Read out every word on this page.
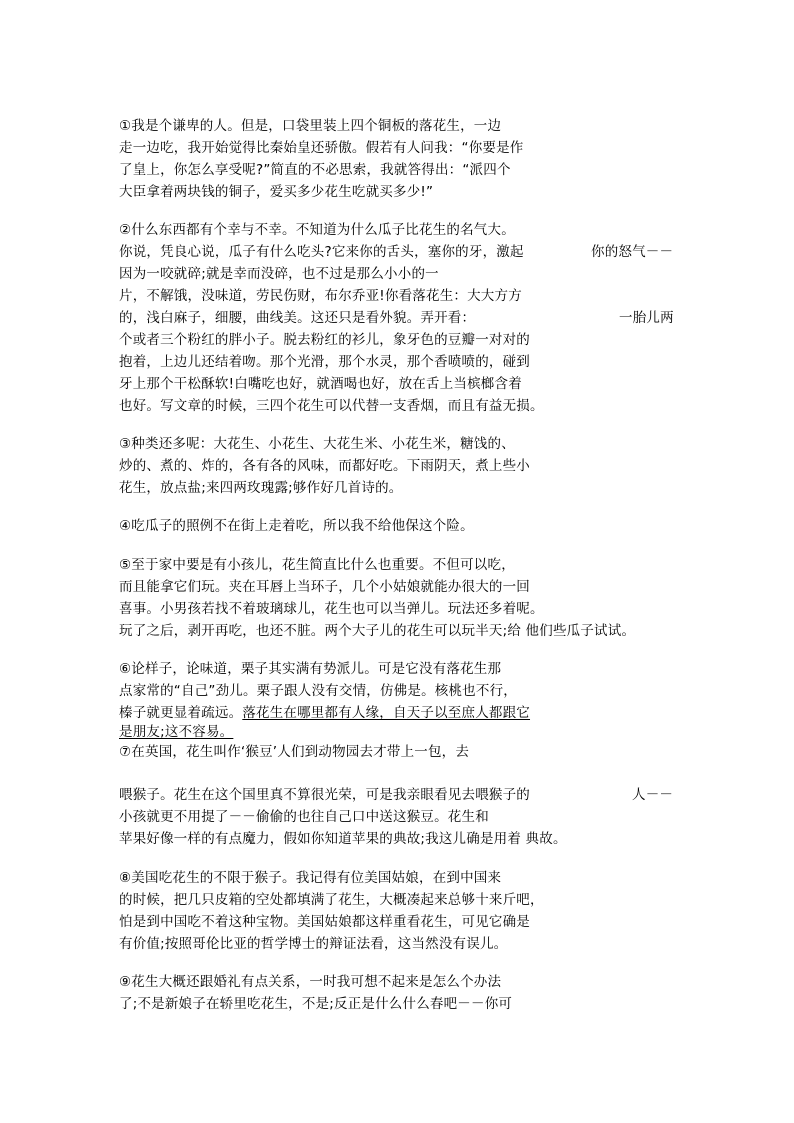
①我是个谦卑的人。但是，口袋里装上四个铜板的落花生，一边
走一边吃，我开始觉得比秦始皇还骄傲。假若有人问我：“你要是作
了皇上，你怎么享受呢?”简直的不必思索，我就答得出：“派四个
大臣拿着两块钱的铜子，爱买多少花生吃就买多少!”
②什么东西都有个幸与不幸。不知道为什么瓜子比花生的名气大。
你说，凭良心说，瓜子有什么吃头?它来你的舌头，塞你的牙，激起	你的怒气－－
因为一咬就碎;就是幸而没碎，也不过是那么小小的一
片，不解饿，没味道，劳民伤财，布尔乔亚!你看落花生：大大方方
的，浅白麻子，细腰，曲线美。这还只是看外貌。弄开看：	一胎儿两
个或者三个粉红的胖小子。脱去粉红的衫儿，象牙色的豆瓣一对对的
抱着，上边儿还结着吻。那个光滑，那个水灵，那个香喷喷的，碰到
牙上那个干松酥软!白嘴吃也好，就酒喝也好，放在舌上当槟榔含着
也好。写文章的时候，三四个花生可以代替一支香烟，而且有益无损。
③种类还多呢：大花生、小花生、大花生米、小花生米，糖饯的、
炒的、煮的、炸的，各有各的风味，而都好吃。下雨阴天，煮上些小
花生，放点盐;来四两玫瑰露;够作好几首诗的。
④吃瓜子的照例不在街上走着吃，所以我不给他保这个险。
⑤至于家中要是有小孩儿，花生简直比什么也重要。不但可以吃，
而且能拿它们玩。夹在耳唇上当环子，几个小姑娘就能办很大的一回
喜事。小男孩若找不着玻璃球儿，花生也可以当弹儿。玩法还多着呢。
玩了之后，剥开再吃，也还不脏。两个大子儿的花生可以玩半天;给 他们些瓜子试试。
⑥论样子，论味道，栗子其实满有势派儿。可是它没有落花生那
点家常的“自己”劲儿。栗子跟人没有交情，仿佛是。核桃也不行，
榛子就更显着疏远。落花生在哪里都有人缘，自天子以至庶人都跟它
是朋友;这不容易。
⑦在英国，花生叫作‘猴豆’人们到动物园去才带上一包，去
喂猴子。花生在这个国里真不算很光荣，可是我亲眼看见去喂猴子的	人－－
小孩就更不用提了－－偷偷的也往自己口中送这猴豆。花生和
苹果好像一样的有点魔力，假如你知道苹果的典故;我这儿确是用着 典故。
⑧美国吃花生的不限于猴子。我记得有位美国姑娘，在到中国来
的时候，把几只皮箱的空处都填满了花生，大概凑起来总够十来斤吧，
怕是到中国吃不着这种宝物。美国姑娘都这样重看花生，可见它确是
有价值;按照哥伦比亚的哲学博士的辩证法看，这当然没有误儿。
⑨花生大概还跟婚礼有点关系，一时我可想不起来是怎么个办法
了;不是新娘子在轿里吃花生，不是;反正是什么什么春吧－－你可
